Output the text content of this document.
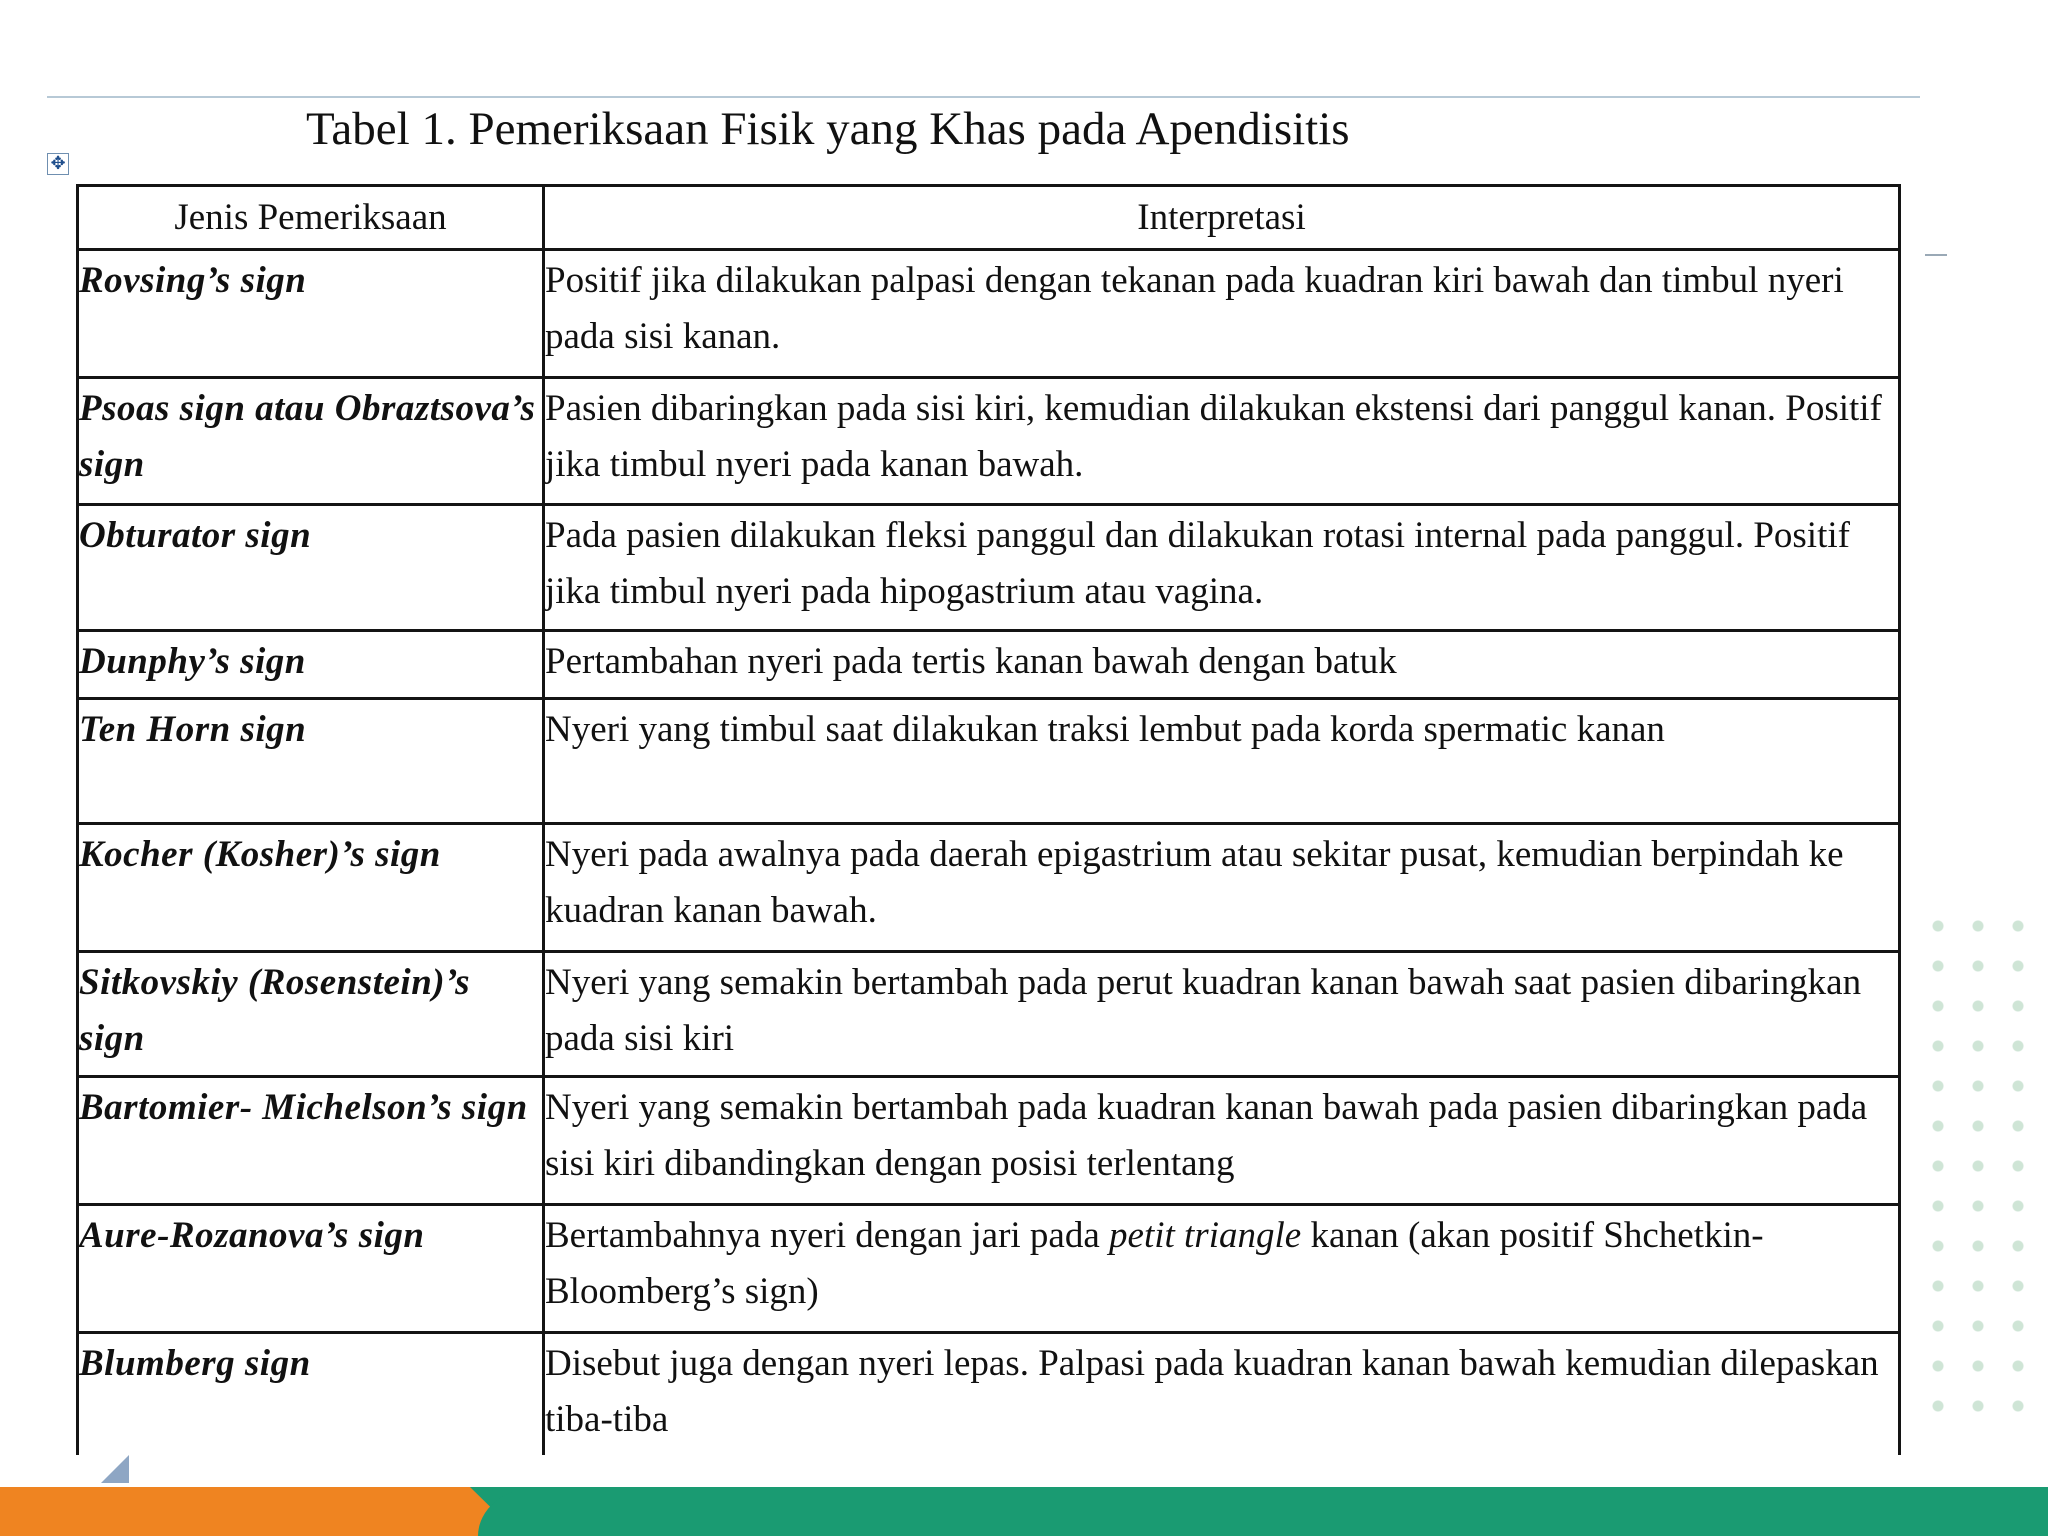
Tabel 1. Pemeriksaan Fisik yang Khas pada Apendisitis
✥
Jenis Pemeriksaan	Interpretasi

Rovsing’s sign	Positif jika dilakukan palpasi dengan tekanan pada kuadran kiri bawah dan timbul nyeri pada sisi kanan.

Psoas sign atau Obraztsova’s sign	Pasien dibaringkan pada sisi kiri, kemudian dilakukan ekstensi dari panggul kanan. Positif jika timbul nyeri pada kanan bawah.

Obturator sign	Pada pasien dilakukan fleksi panggul dan dilakukan rotasi internal pada panggul. Positif jika timbul nyeri pada hipogastrium atau vagina.

Dunphy’s sign	Pertambahan nyeri pada tertis kanan bawah dengan batuk

Ten Horn sign	Nyeri yang timbul saat dilakukan traksi lembut pada korda spermatic kanan

Kocher (Kosher)’s sign	Nyeri pada awalnya pada daerah epigastrium atau sekitar pusat, kemudian berpindah ke kuadran kanan bawah.

Sitkovskiy (Rosenstein)’s sign	Nyeri yang semakin bertambah pada perut kuadran kanan bawah saat pasien dibaringkan pada sisi kiri

Bartomier- Michelson’s sign	Nyeri yang semakin bertambah pada kuadran kanan bawah pada pasien dibaringkan pada sisi kiri dibandingkan dengan posisi terlentang

Aure-Rozanova’s sign	Bertambahnya nyeri dengan jari pada petit triangle kanan (akan positif Shchetkin-Bloomberg’s sign)

Blumberg sign	Disebut juga dengan nyeri lepas. Palpasi pada kuadran kanan bawah kemudian dilepaskan tiba-tiba
